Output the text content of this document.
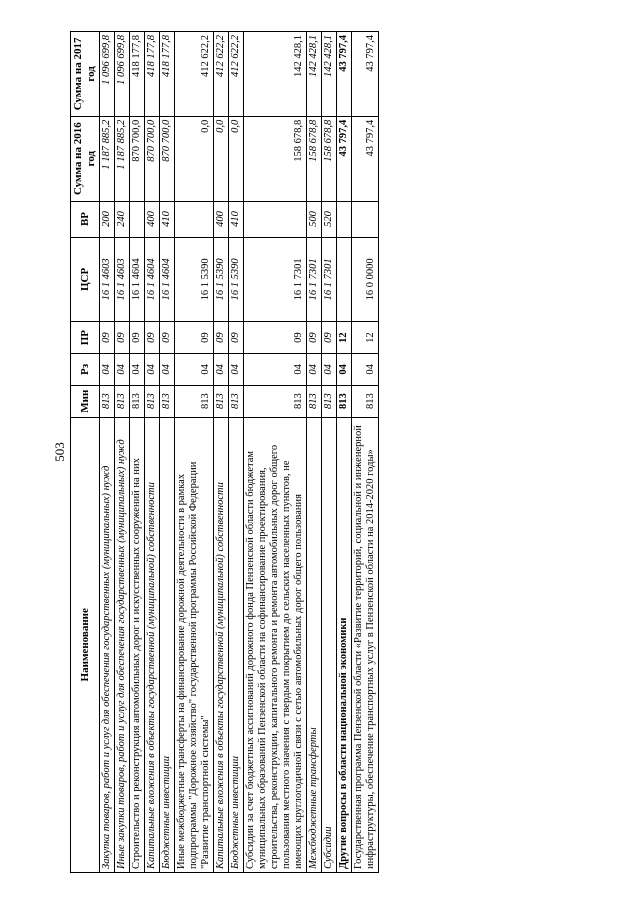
503
Наименование	Мин	Рз	ПР	ЦСР	ВР	Сумма на 2016 год	Сумма на 2017 год
Закупка товаров, работ и услуг для обеспечения государственных (муниципальных) нужд	813	04	09	16 1 4603	200	1 187 885,2	1 096 699,8
Иные закупки товаров, работ и услуг для обеспечения государственных (муниципальных) нужд	813	04	09	16 1 4603	240	1 187 885,2	1 096 699,8
Строительство и реконструкция автомобильных дорог и искусственных сооружений на них	813	04	09	16 1 4604		870 700,0	418 177,8
Капитальные вложения в объекты государственной (муниципальной) собственности	813	04	09	16 1 4604	400	870 700,0	418 177,8
Бюджетные инвестиции	813	04	09	16 1 4604	410	870 700,0	418 177,8
Иные межбюджетные трансферты на финансирование дорожной деятельности в рамках подпрограммы "Дорожное хозяйство" государственной программы Российской Федерации "Развитие транспортной системы"	813	04	09	16 1 5390		0,0	412 622,2
Капитальные вложения в объекты государственной (муниципальной) собственности	813	04	09	16 1 5390	400	0,0	412 622,2
Бюджетные инвестиции	813	04	09	16 1 5390	410	0,0	412 622,2
Субсидии за счет бюджетных ассигнований дорожного фонда Пензенской области бюджетам муниципальных образований Пензенской области на софинансирование проектирования, строительства, реконструкции, капитального ремонта и ремонта автомобильных дорог общего пользования местного значения с твердым покрытием до сельских населенных пунктов, не имеющих круглогодичной связи с сетью автомобильных дорог общего пользования	813	04	09	16 1 7301		158 678,8	142 428,1
Межбюджетные трансферты	813	04	09	16 1 7301	500	158 678,8	142 428,1
Субсидии	813	04	09	16 1 7301	520	158 678,8	142 428,1
Другие вопросы в области национальной экономики	813	04	12			43 797,4	43 797,4
Государственная программа Пензенской области «Развитие территорий, социальной и инженерной инфраструктуры, обеспечение транспортных услуг в Пензенской области на 2014-2020 годы»	813	04	12	16 0 0000		43 797,4	43 797,4
